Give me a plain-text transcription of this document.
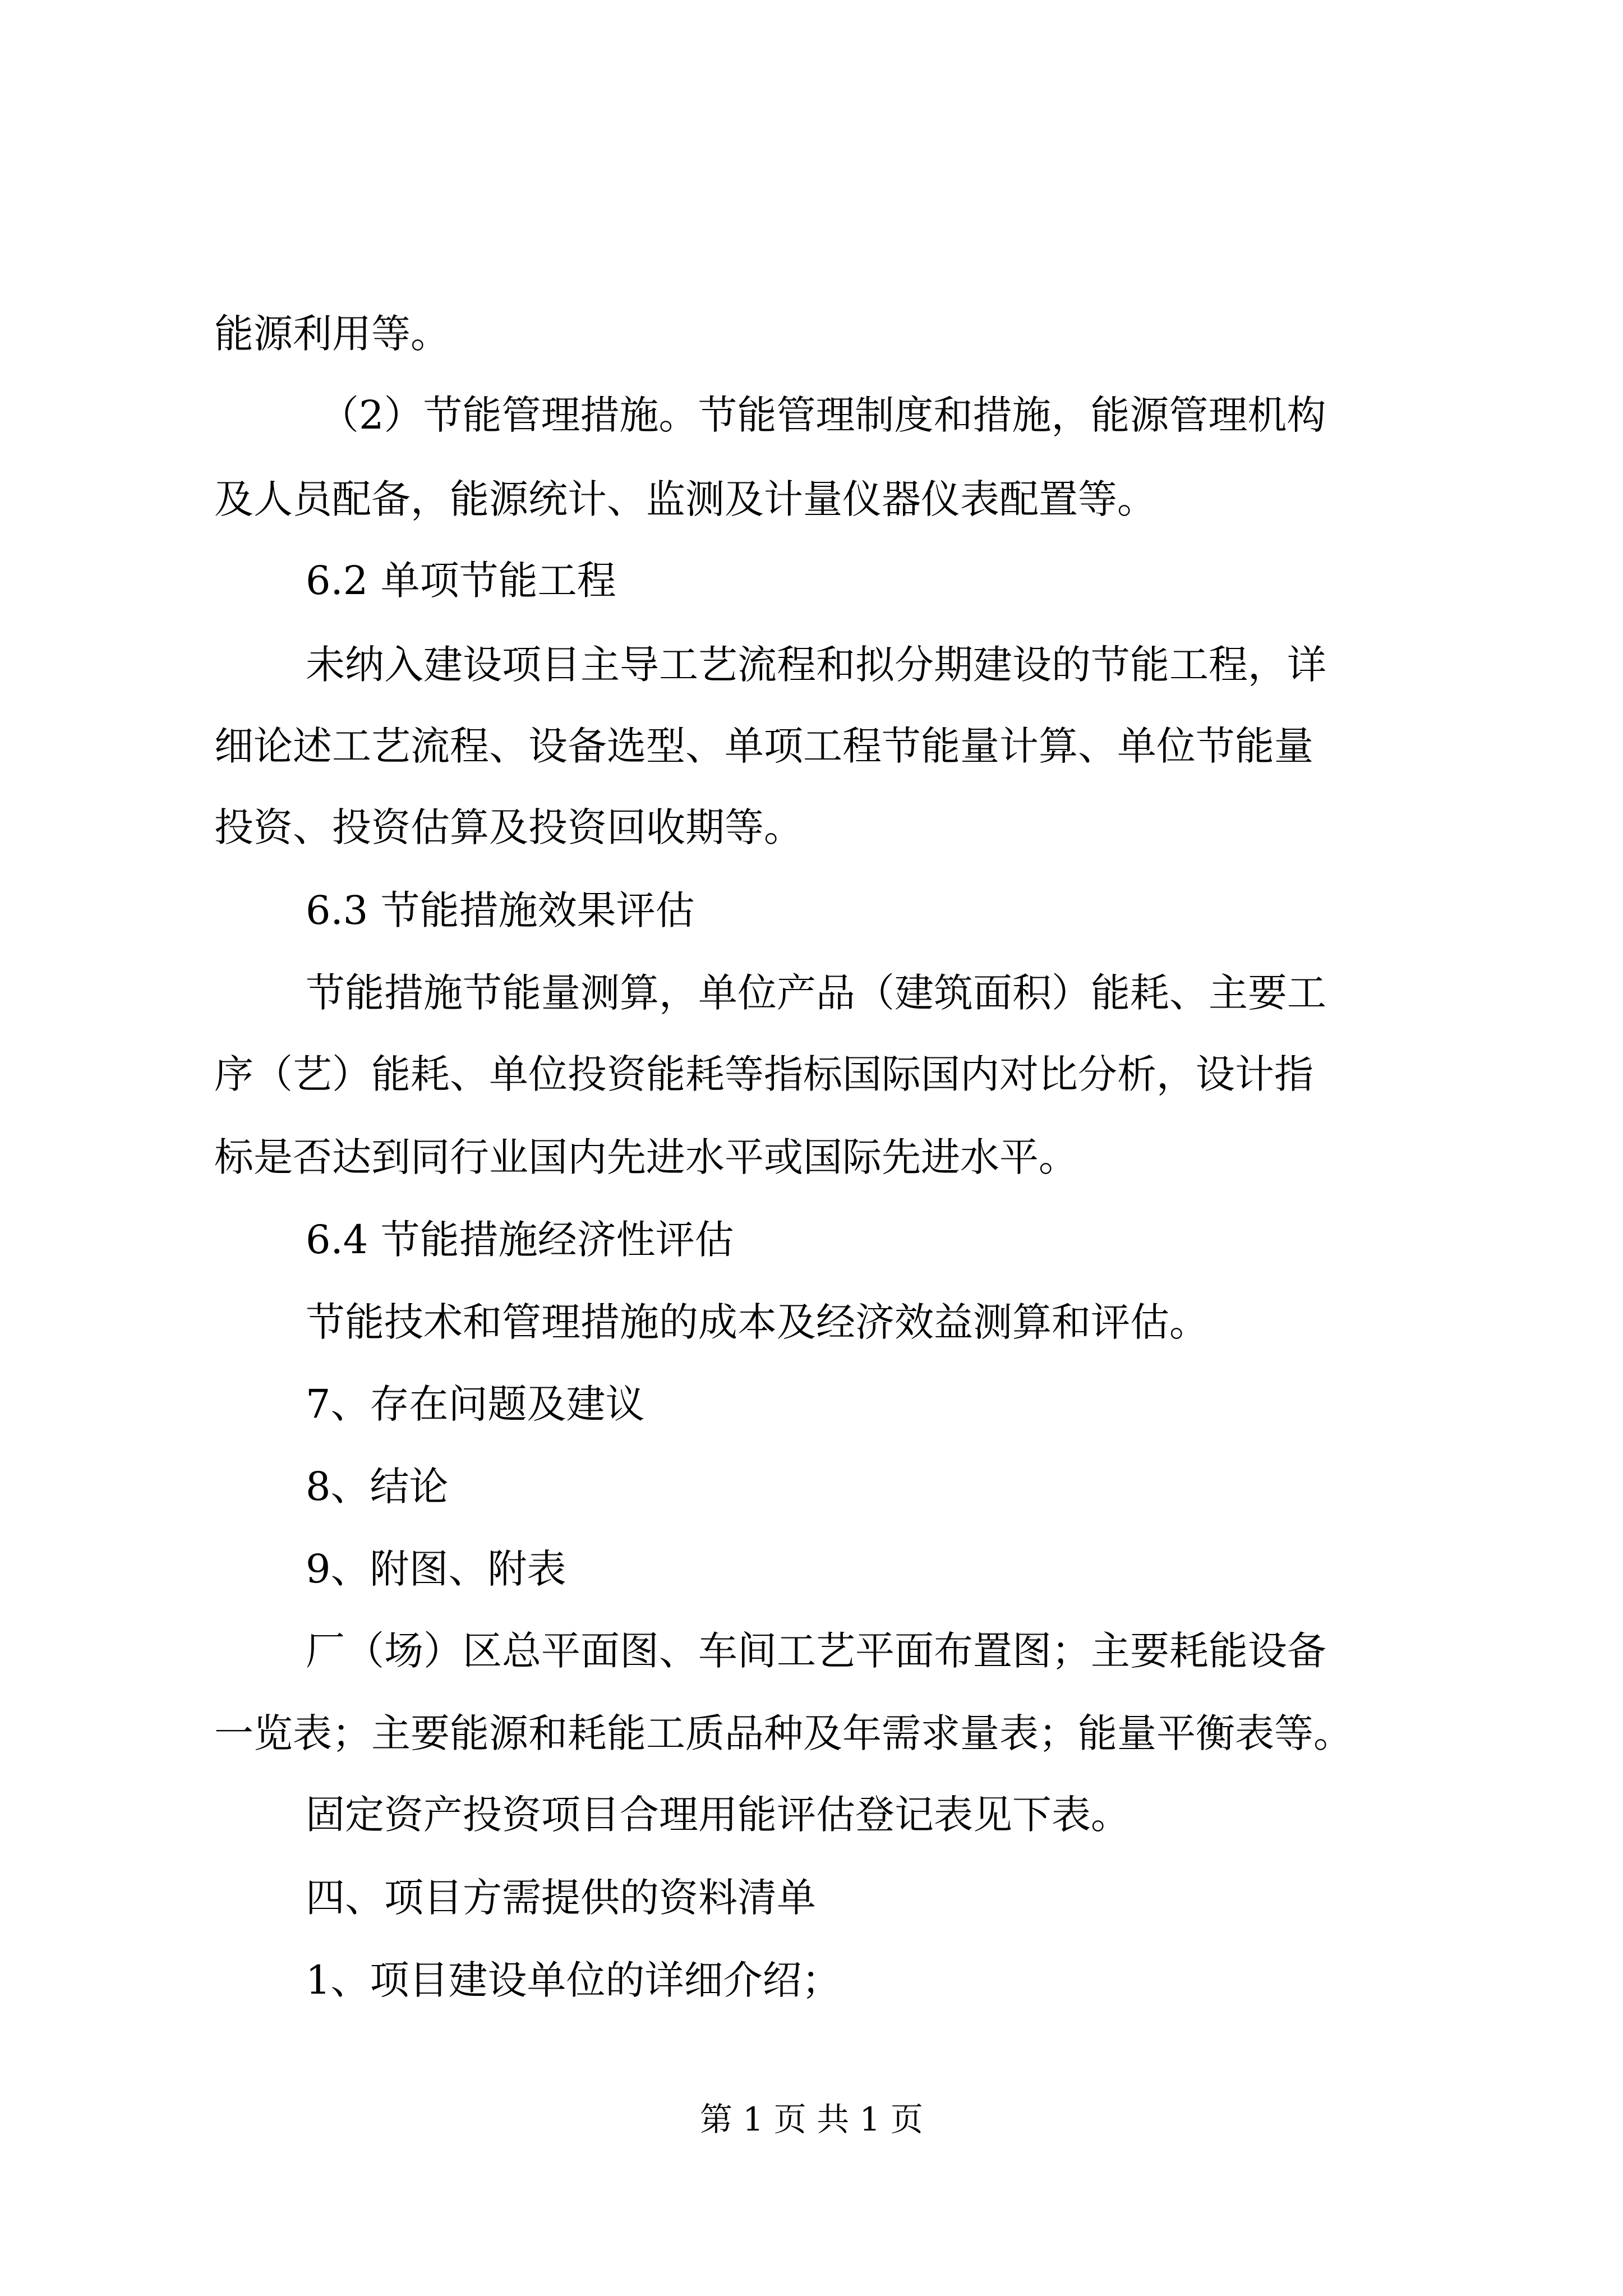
能源利用等。
（2）节能管理措施。节能管理制度和措施，能源管理机构
及人员配备，能源统计、监测及计量仪器仪表配置等。
6.2 单项节能工程
未纳入建设项目主导工艺流程和拟分期建设的节能工程，详
细论述工艺流程、设备选型、单项工程节能量计算、单位节能量
投资、投资估算及投资回收期等。
6.3 节能措施效果评估
节能措施节能量测算，单位产品（建筑面积）能耗、主要工
序（艺）能耗、单位投资能耗等指标国际国内对比分析，设计指
标是否达到同行业国内先进水平或国际先进水平。
6.4 节能措施经济性评估
节能技术和管理措施的成本及经济效益测算和评估。
7、存在问题及建议
8、结论
9、附图、附表
厂（场）区总平面图、车间工艺平面布置图；主要耗能设备
一览表；主要能源和耗能工质品种及年需求量表；能量平衡表等。
固定资产投资项目合理用能评估登记表见下表。
四、项目方需提供的资料清单
1、项目建设单位的详细介绍；
第 1 页 共 1 页
